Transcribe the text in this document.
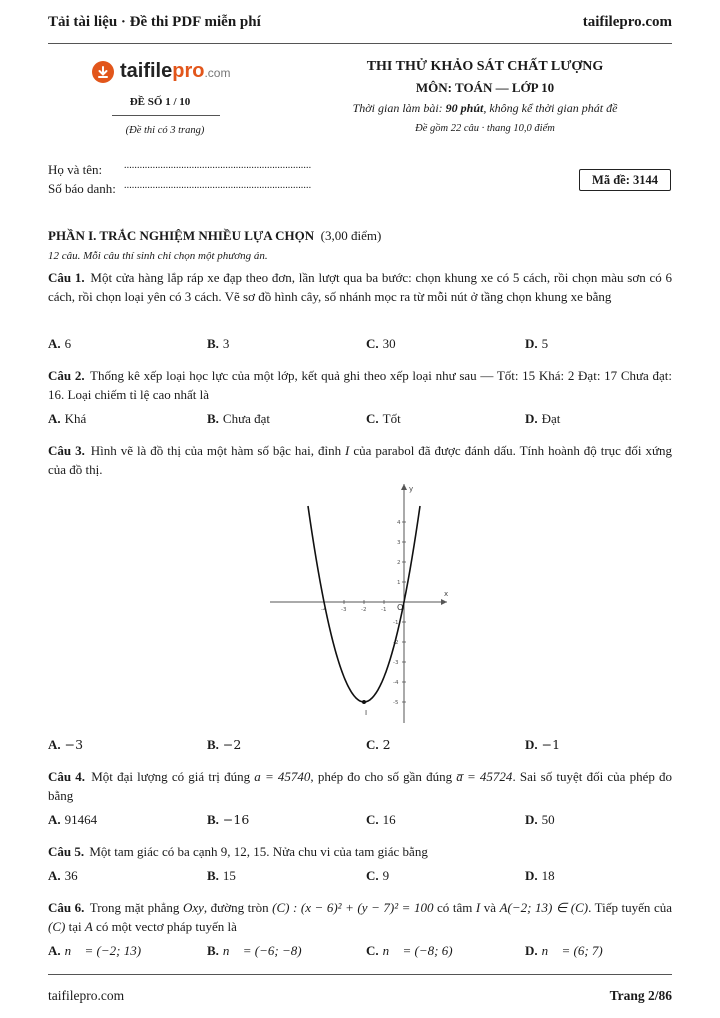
Tải tài liệu · Đề thi PDF miễn phí	taifilepro.com
taifilepro.com
ĐỀ SỐ 1 / 10
(Đề thi có 3 trang)
THI THỬ KHẢO SÁT CHẤT LƯỢNG
MÔN: TOÁN — LỚP 10
Thời gian làm bài: 90 phút, không kể thời gian phát đề
Đề gồm 22 câu · thang 10,0 điểm
Họ và tên: ........................................................................
Số báo danh: ........................................................................	Mã đề: 3144
PHẦN I. TRẮC NGHIỆM NHIỀU LỰA CHỌN (3,00 điểm)
12 câu. Mỗi câu thí sinh chỉ chọn một phương án.
Câu 1. Một cửa hàng lắp ráp xe đạp theo đơn, lần lượt qua ba bước: chọn khung xe có 5 cách, rồi chọn màu sơn có 6 cách, rồi chọn loại yên có 3 cách. Vẽ sơ đồ hình cây, số nhánh mọc ra từ mỗi nút ở tầng chọn khung xe bằng
A. 6	B. 3	C. 30	D. 5
Câu 2. Thống kê xếp loại học lực của một lớp, kết quả ghi theo xếp loại như sau — Tốt: 15 Khá: 2 Đạt: 17 Chưa đạt: 16. Loại chiếm tỉ lệ cao nhất là
A. Khá	B. Chưa đạt	C. Tốt	D. Đạt
Câu 3. Hình vẽ là đồ thị của một hàm số bậc hai, đỉnh I của parabol đã được đánh dấu. Tính hoành độ trục đối xứng của đồ thị.
x
y
O
-4	-3	-2	-1
1
2
3
4
-1
-2
-3
-4
-5
I
A. −3	B. −2	C. 2	D. −1
Câu 4. Một đại lượng có giá trị đúng a = 45740, phép đo cho số gần đúng a̅ = 45724. Sai số tuyệt đối của phép đo bằng
A. 91464	B. −16	C. 16	D. 50
Câu 5. Một tam giác có ba cạnh 9, 12, 15. Nửa chu vi của tam giác bằng
A. 36	B. 15	C. 9	D. 18
Câu 6. Trong mặt phẳng Oxy, đường tròn (C) : (x − 6)² + (y − 7)² = 100 có tâm I và A(−2; 13) ∈ (C). Tiếp tuyến của (C) tại A có một vectơ pháp tuyến là
A. n⃗ = (−2; 13)	B. n⃗ = (−6; −8)	C. n⃗ = (−8; 6)	D. n⃗ = (6; 7)
taifilepro.com	Trang 2/86
